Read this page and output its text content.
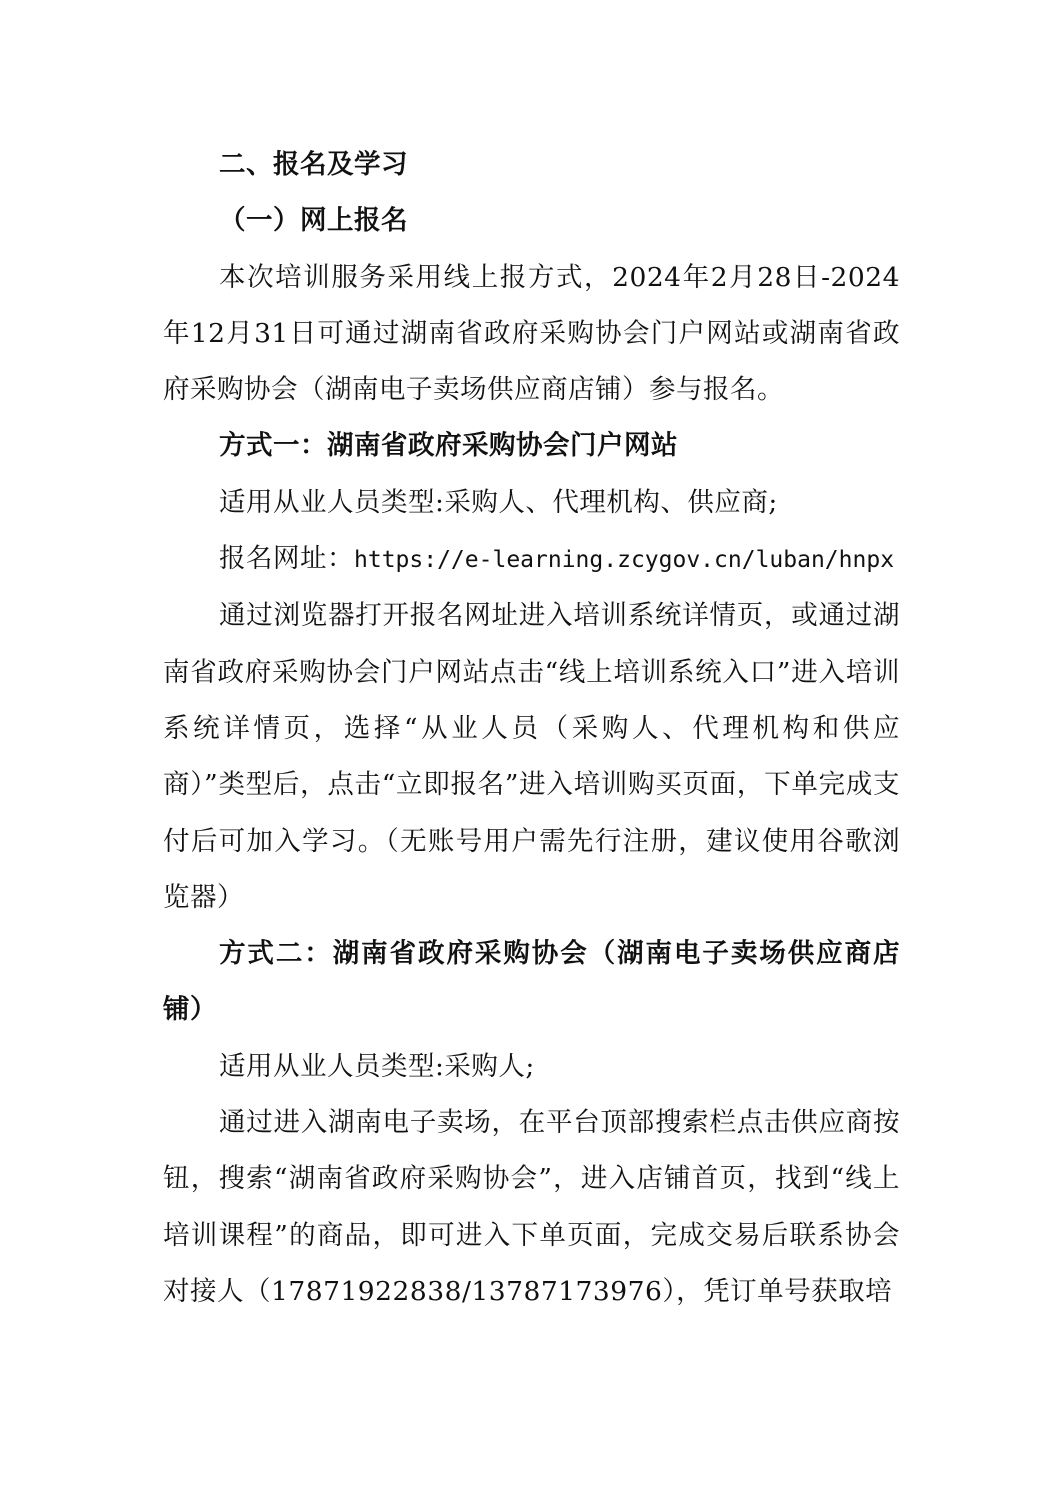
二、报名及学习

（一）网上报名

本次培训服务采用线上报方式，2024年2月28日-2024年12月31日可通过湖南省政府采购协会门户网站或湖南省政府采购协会（湖南电子卖场供应商店铺）参与报名。

方式一：湖南省政府采购协会门户网站

适用从业人员类型:采购人、代理机构、供应商;

报名网址：https://e-learning.zcygov.cn/luban/hnpx

通过浏览器打开报名网址进入培训系统详情页，或通过湖南省政府采购协会门户网站点击“线上培训系统入口”进入培训系统详情页，选择“从业人员（采购人、代理机构和供应商）”类型后，点击“立即报名”进入培训购买页面，下单完成支付后可加入学习。（无账号用户需先行注册，建议使用谷歌浏览器）

方式二：湖南省政府采购协会（湖南电子卖场供应商店铺）

适用从业人员类型:采购人;

通过进入湖南电子卖场，在平台顶部搜索栏点击供应商按钮，搜索“湖南省政府采购协会”，进入店铺首页，找到“线上培训课程”的商品，即可进入下单页面，完成交易后联系协会对接人（17871922838/13787173976），凭订单号获取培
